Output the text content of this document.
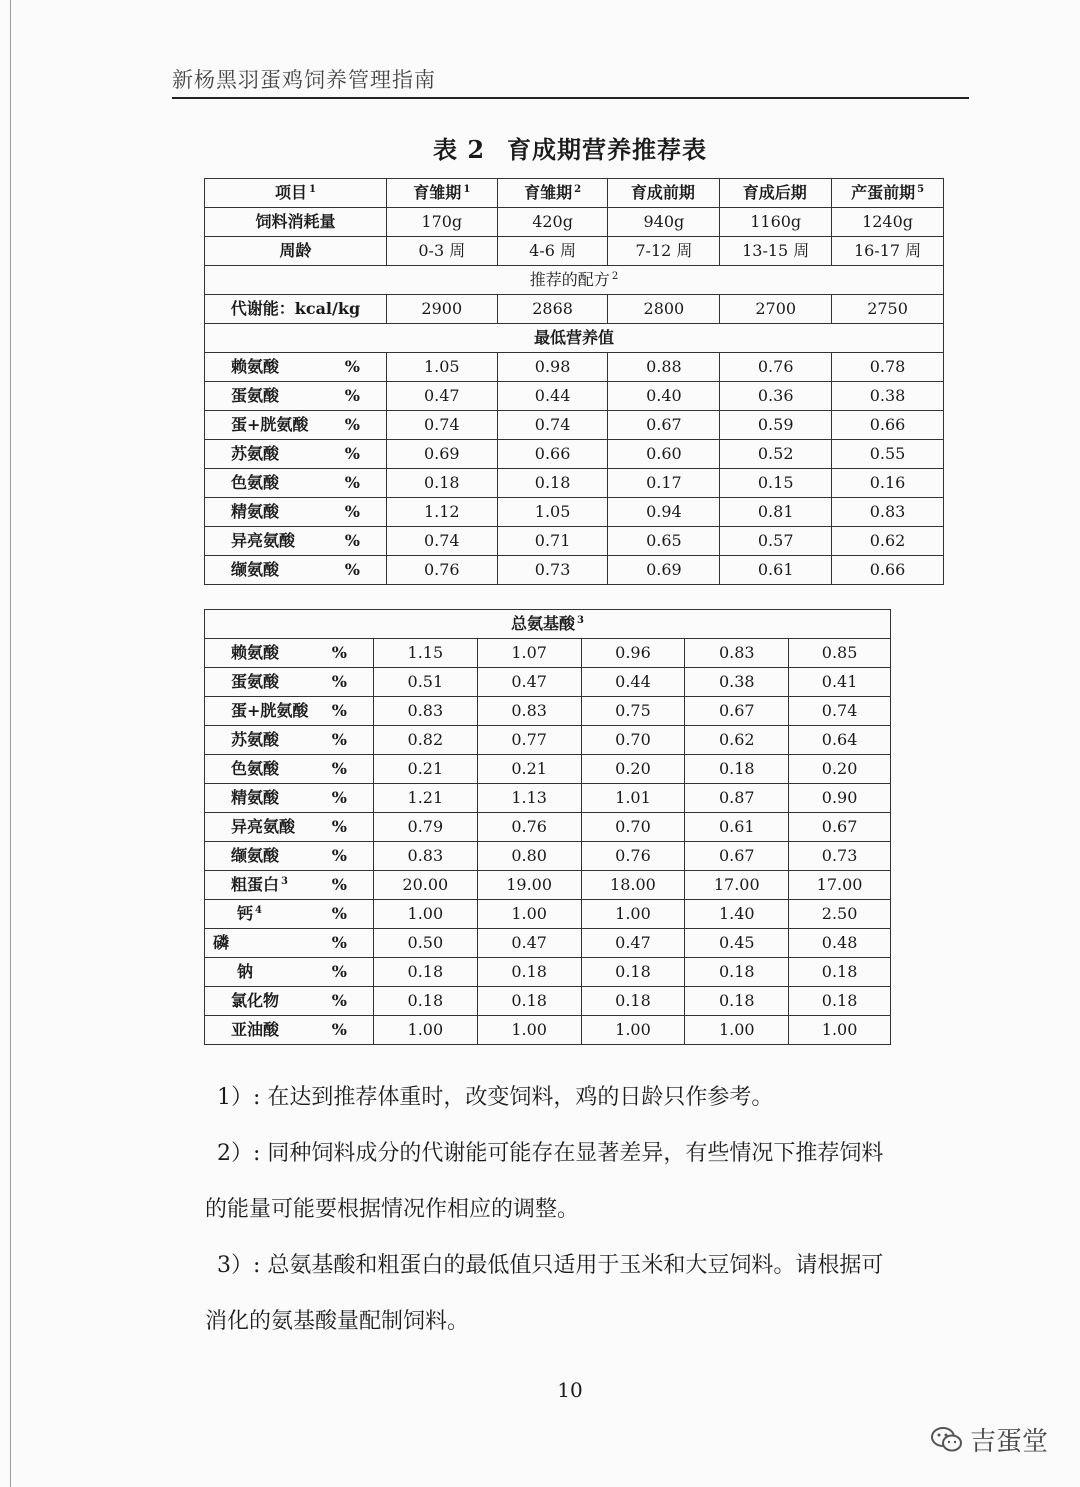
新杨黑羽蛋鸡饲养管理指南
表 2 育成期营养推荐表
项目 $^1$	育雏期 $^1$	育雏期 $^2$	育成前期	育成后期	产蛋前期 $^5$
饲料消耗量	170g	420g	940g	1160g	1240g
周龄	0-3 周	4-6 周	7-12 周	13-15 周	16-17 周
推荐的配方 $^2$
代谢能：kcal/kg	2900	2868	2800	2700	2750
最低营养值					

赖氨酸 %	1.05	0.98	0.88	0.76	0.78

蛋氨酸 %	0.47	0.44	0.40	0.36	0.38

蛋+胱氨酸 %	0.74	0.74	0.67	0.59	0.66

苏氨酸 %	0.69	0.66	0.60	0.52	0.55

色氨酸 %	0.18	0.18	0.17	0.15	0.16

精氨酸 %	1.12	1.05	0.94	0.81	0.83

异亮氨酸 %	0.74	0.71	0.65	0.57	0.62

缬氨酸 %	0.76	0.73	0.69	0.61	0.66
总氨基酸 $^3$

赖氨酸 %	1.15	1.07	0.96	0.83	0.85

蛋氨酸 %	0.51	0.47	0.44	0.38	0.41

蛋+胱氨酸 %	0.83	0.83	0.75	0.67	0.74

苏氨酸 %	0.82	0.77	0.70	0.62	0.64

色氨酸 %	0.21	0.21	0.20	0.18	0.20

精氨酸 %	1.21	1.13	1.01	0.87	0.90

异亮氨酸 %	0.79	0.76	0.70	0.61	0.67

缬氨酸 %	0.83	0.80	0.76	0.67	0.73

粗蛋白 $^3$ %	20.00	19.00	18.00	17.00	17.00

钙 $^4$ %	1.00	1.00	1.00	1.40	2.50

磷 %	0.50	0.47	0.47	0.45	0.48

钠 %	0.18	0.18	0.18	0.18	0.18

氯化物 %	0.18	0.18	0.18	0.18	0.18

亚油酸 %	1.00	1.00	1.00	1.00	1.00

1）: 在达到推荐体重时，改变饲料，鸡的日龄只作参考。

2）: 同种饲料成分的代谢能可能存在显著差异，有些情况下推荐饲料

的能量可能要根据情况作相应的调整。

3）: 总氨基酸和粗蛋白的最低值只适用于玉米和大豆饲料。请根据可

消化的氨基酸量配制饲料。

10
吉蛋堂
